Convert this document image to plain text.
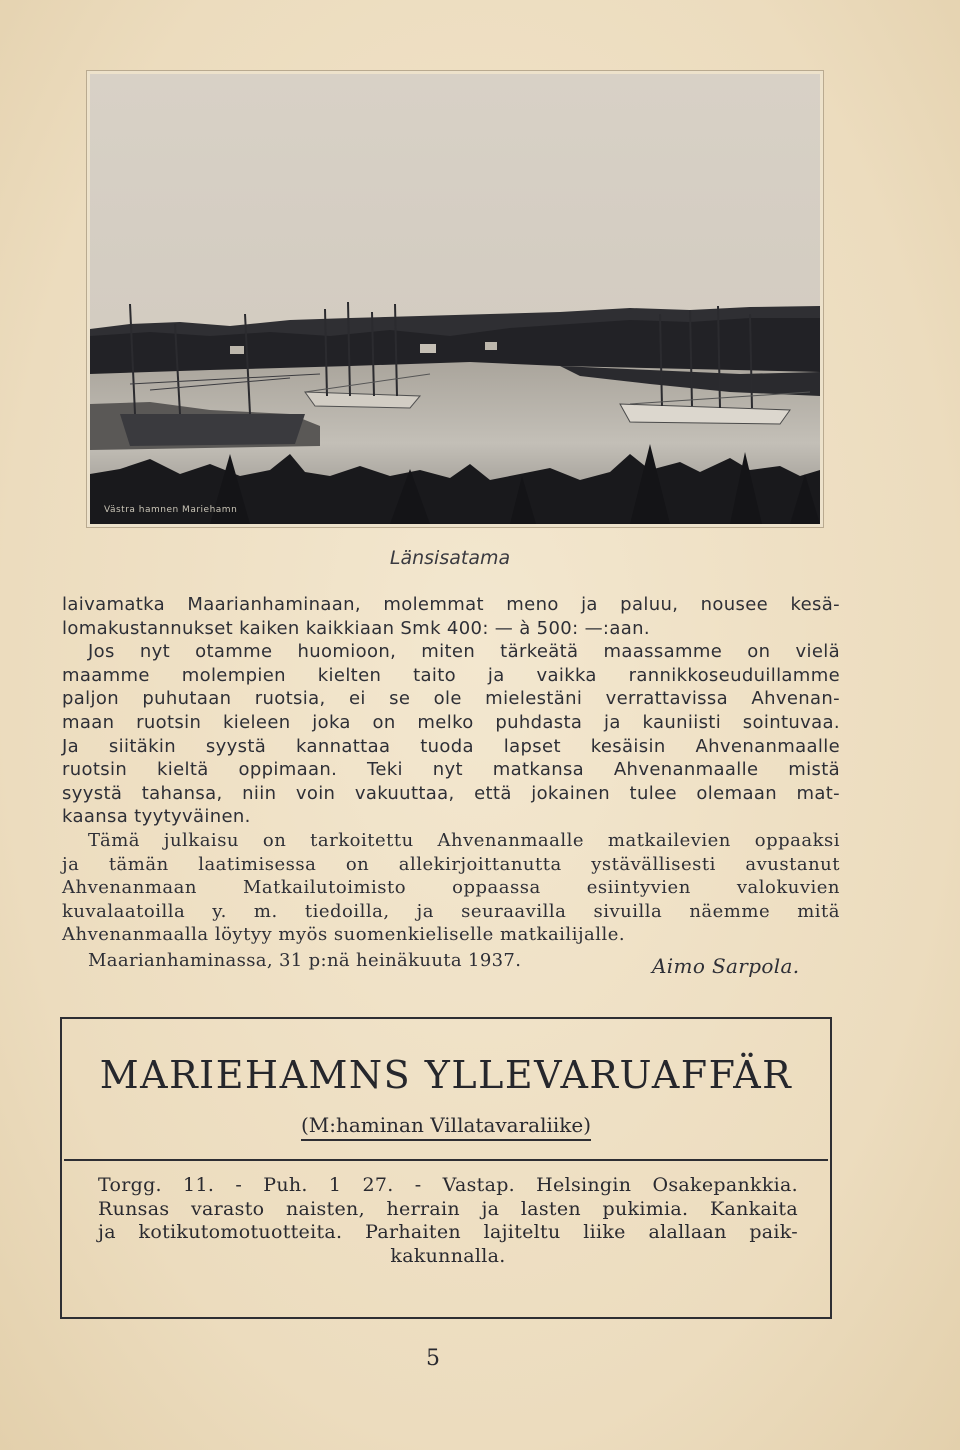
Västra hamnen Mariehamn
Länsisatama
laivamatka Maarianhaminaan, molemmat meno ja paluu, nousee kesä-
lomakustannukset kaiken kaikkiaan Smk 400: — à 500: —:aan.
Jos nyt otamme huomioon, miten tärkeätä maassamme on vielä
maamme molempien kielten taito ja vaikka rannikkoseuduillamme
paljon puhutaan ruotsia, ei se ole mielestäni verrattavissa Ahvenan-
maan ruotsin kieleen joka on melko puhdasta ja kauniisti sointuvaa.
Ja siitäkin syystä kannattaa tuoda lapset kesäisin Ahvenanmaalle
ruotsin kieltä oppimaan. Teki nyt matkansa Ahvenanmaalle mistä
syystä tahansa, niin voin vakuuttaa, että jokainen tulee olemaan mat-
kaansa tyytyväinen.
Tämä julkaisu on tarkoitettu Ahvenanmaalle matkailevien oppaaksi
ja tämän laatimisessa on allekirjoittanutta ystävällisesti avustanut
Ahvenanmaan Matkailutoimisto oppaassa esiintyvien valokuvien
kuvalaatoilla y. m. tiedoilla, ja seuraavilla sivuilla näemme mitä
Ahvenanmaalla löytyy myös suomenkieliselle matkailijalle.
Maarianhaminassa, 31 p:nä heinäkuuta 1937.	Aimo Sarpola.
MARIEHAMNS YLLEVARUAFFÄR
(M:haminan Villatavaraliike)
Torgg. 11. - Puh. 1 27. - Vastap. Helsingin Osakepankkia.
Runsas varasto naisten, herrain ja lasten pukimia. Kankaita
ja kotikutomotuotteita. Parhaiten lajiteltu liike alallaan paik-
kakunnalla.
5
